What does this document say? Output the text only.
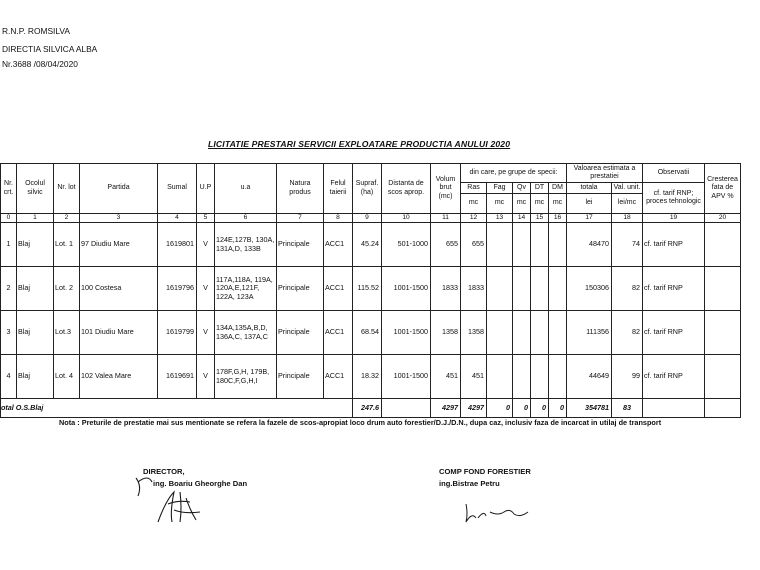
R.N.P. ROMSILVA
DIRECTIA SILVICA ALBA
Nr.3688 /08/04/2020
LICITATIE PRESTARI SERVICII EXPLOATARE PRODUCTIA ANULUI 2020
Nr. crt.	Ocolul silvic	Nr. lot	Partida	Sumal	U.P	u.a	Natura produs	Felul taierii	Supraf. (ha)	Distanta de scos aprop.	Volum brut (mc)	din care, pe grupe de specii:					Valoarea estimata a prestatiei		Observatii	Cresterea fata de APV %
												Ras	Fag	Qv	DT	DM	totala	Val. unit.	cf. tarif RNP; proces tehnologic	
												mc	mc	mc	mc	mc	lei	lei/mc		
0	1	2	3	4	5	6	7	8	9	10	11	12	13	14	15	16	17	18	19	20
1	Blaj	Lot. 1	97 Diudiu Mare	1619801	V	124E,127B, 130A, 131A,D, 133B	Principale	ACC1	45.24	501-1000	655	655					48470	74	cf. tarif RNP	
2	Blaj	Lot. 2	100 Costesa	1619796	V	117A,118A, 119A, 120A,E,121F, 122A, 123A	Principale	ACC1	115.52	1001-1500	1833	1833					150306	82	cf. tarif RNP	
3	Blaj	Lot.3	101 Diudiu Mare	1619799	V	134A,135A,B,D, 136A,C, 137A,C	Principale	ACC1	68.54	1001-1500	1358	1358					111356	82	cf. tarif RNP	
4	Blaj	Lot. 4	102 Valea Mare	1619691	V	178F,G,H, 179B, 180C,F,G,H,I	Principale	ACC1	18.32	1001-1500	451	451					44649	99	cf. tarif RNP	
otal O.S.Blaj									247.6		4297	4297	0	0	0	0	354781	83		
Nota : Preturile de prestatie mai sus mentionate se refera la fazele de scos-apropiat loco drum auto forestier/D.J./D.N., dupa caz, inclusiv faza de incarcat in utilaj de transport
DIRECTOR,
ing. Boariu Gheorghe Dan
COMP FOND FORESTIER
ing.Bistrae Petru
